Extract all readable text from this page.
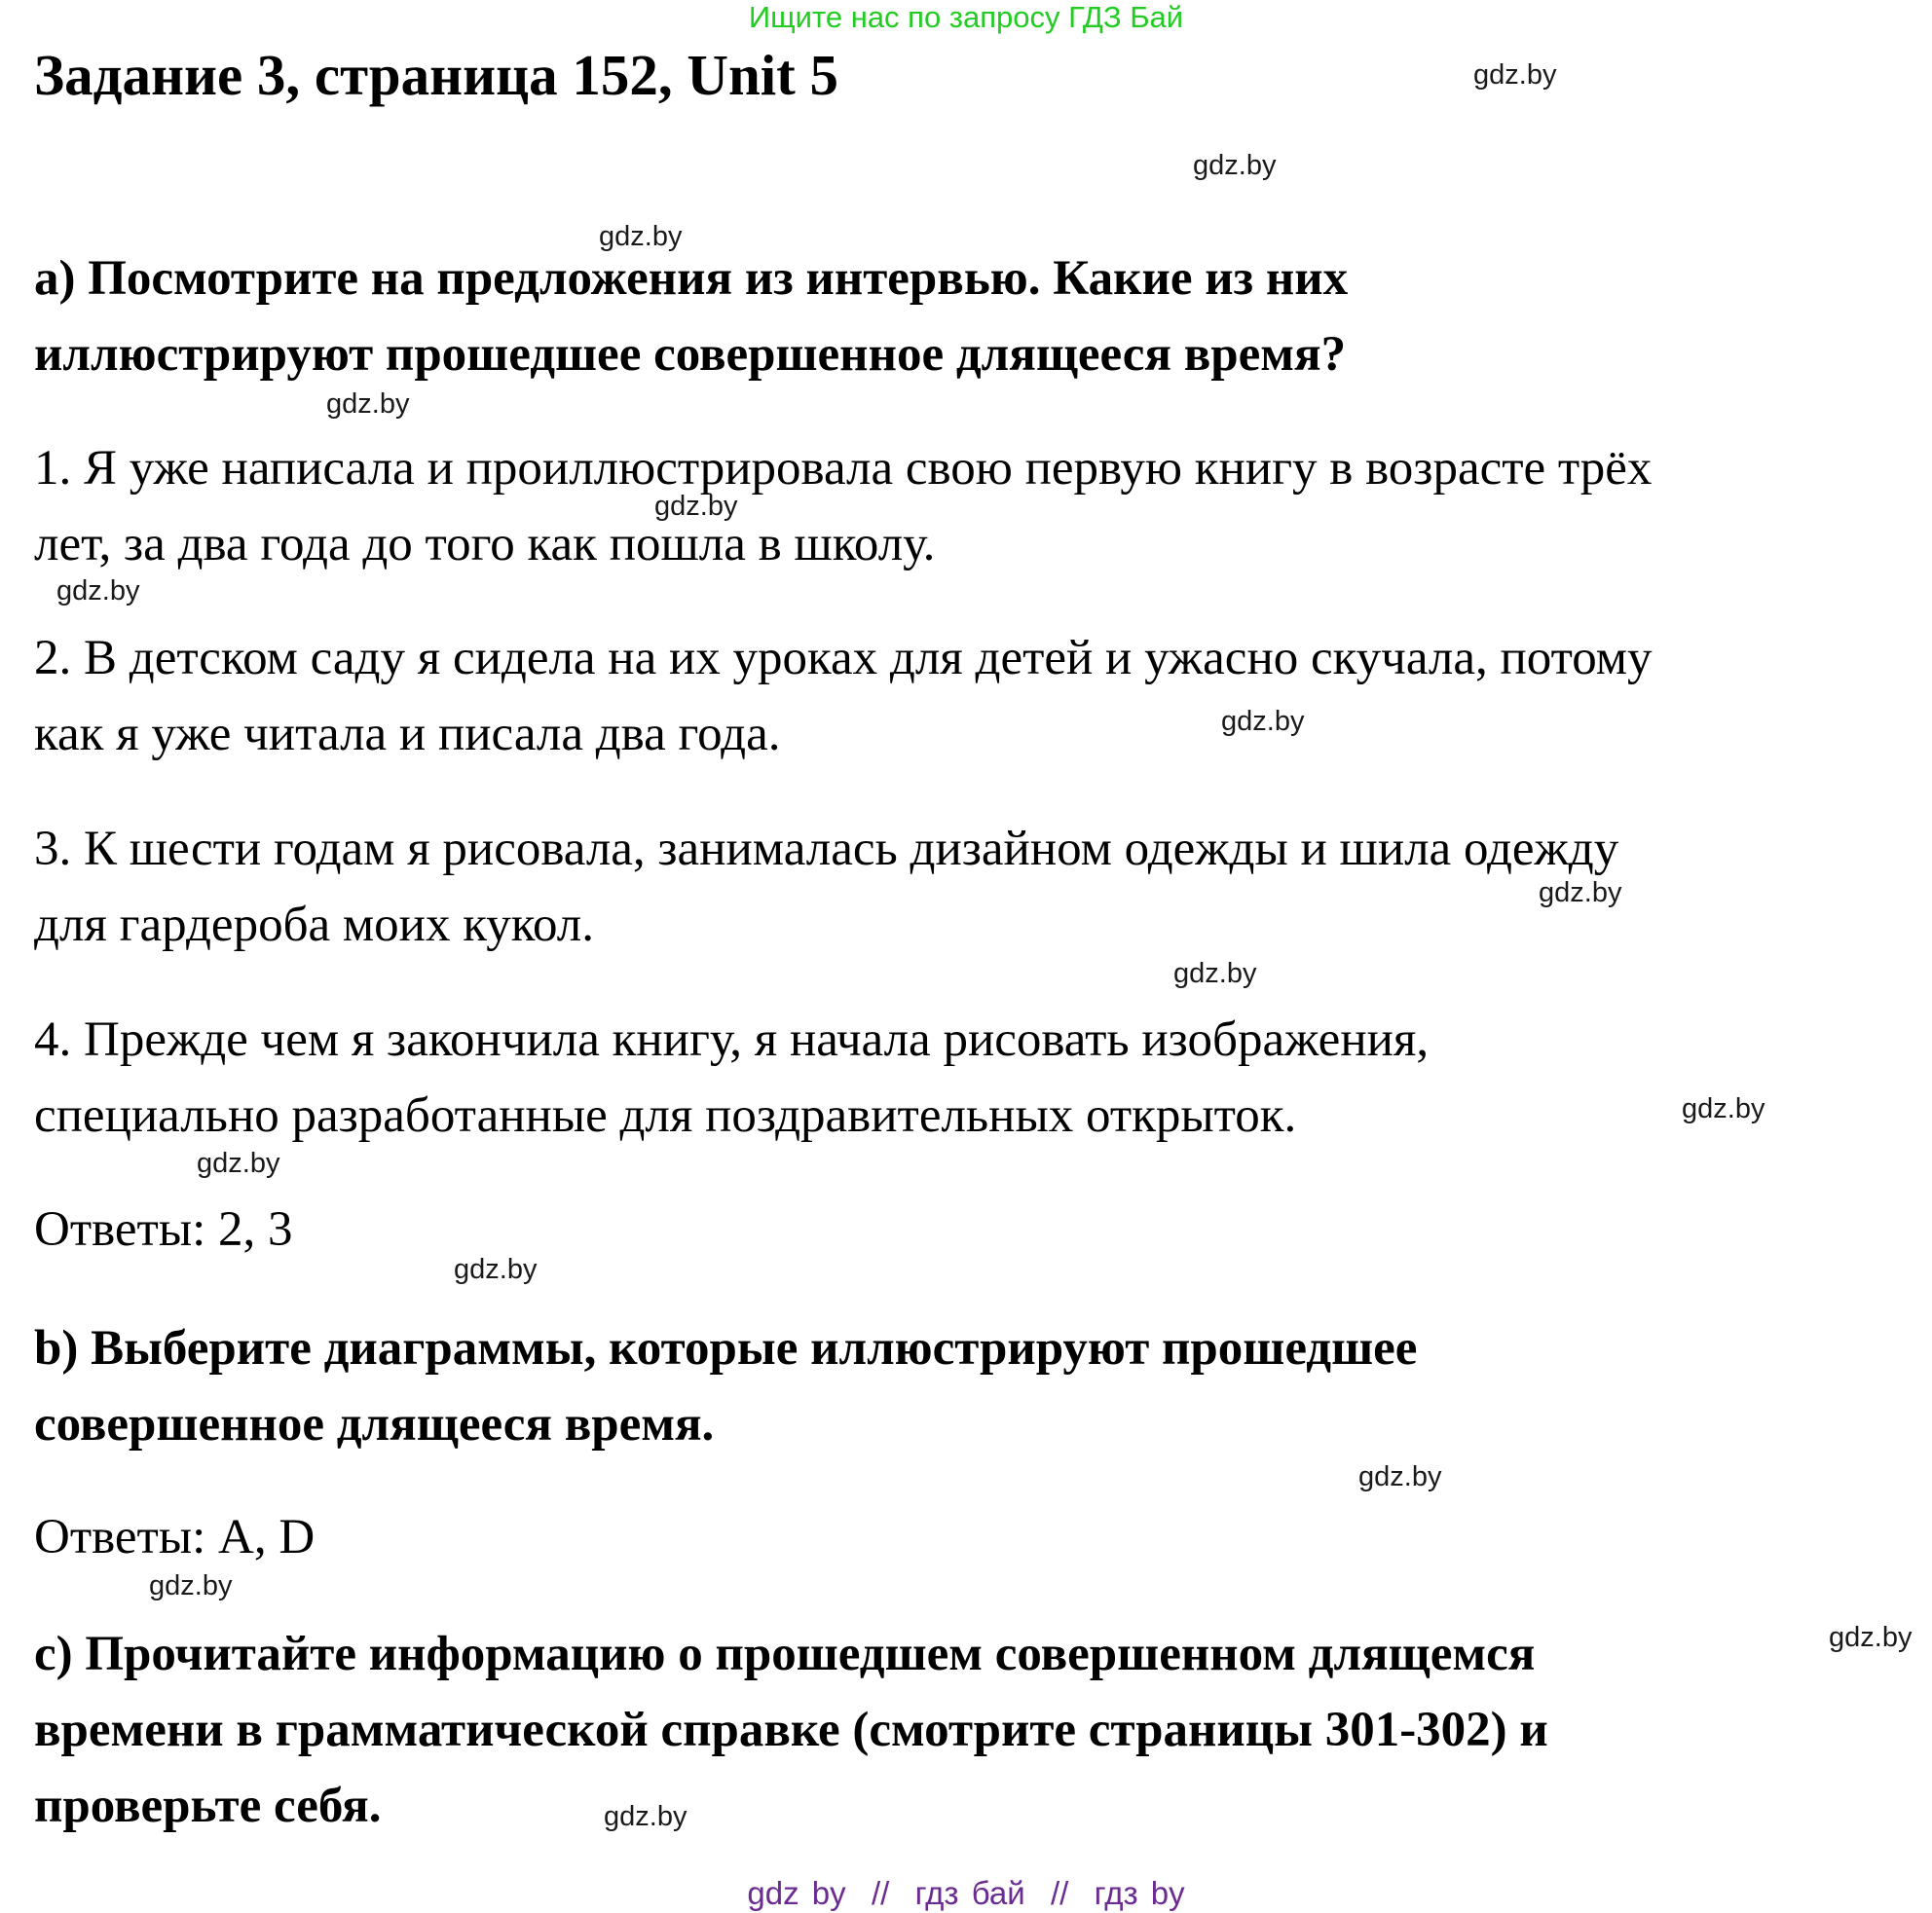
Ищите нас по запросу ГДЗ Бай
Задание 3, страница 152, Unit 5
a) Посмотрите на предложения из интервью. Какие из них
иллюстрируют прошедшее совершенное длящееся время?
1. Я уже написала и проиллюстрировала свою первую книгу в возрасте трёх
лет, за два года до того как пошла в школу.
2. В детском саду я сидела на их уроках для детей и ужасно скучала, потому
как я уже читала и писала два года.
3. К шести годам я рисовала, занималась дизайном одежды и шила одежду
для гардероба моих кукол.
4. Прежде чем я закончила книгу, я начала рисовать изображения,
специально разработанные для поздравительных открыток.
Ответы: 2, 3
b) Выберите диаграммы, которые иллюстрируют прошедшее
совершенное длящееся время.
Ответы: A, D
c) Прочитайте информацию о прошедшем совершенном длящемся
времени в грамматической справке (смотрите страницы 301-302) и
проверьте себя.
gdz.by
gdz.by
gdz.by
gdz.by
gdz.by
gdz.by
gdz.by
gdz.by
gdz.by
gdz.by
gdz.by
gdz.by
gdz.by
gdz.by
gdz.by
gdz.by
gdz by  //  гдз бай  //  гдз by
